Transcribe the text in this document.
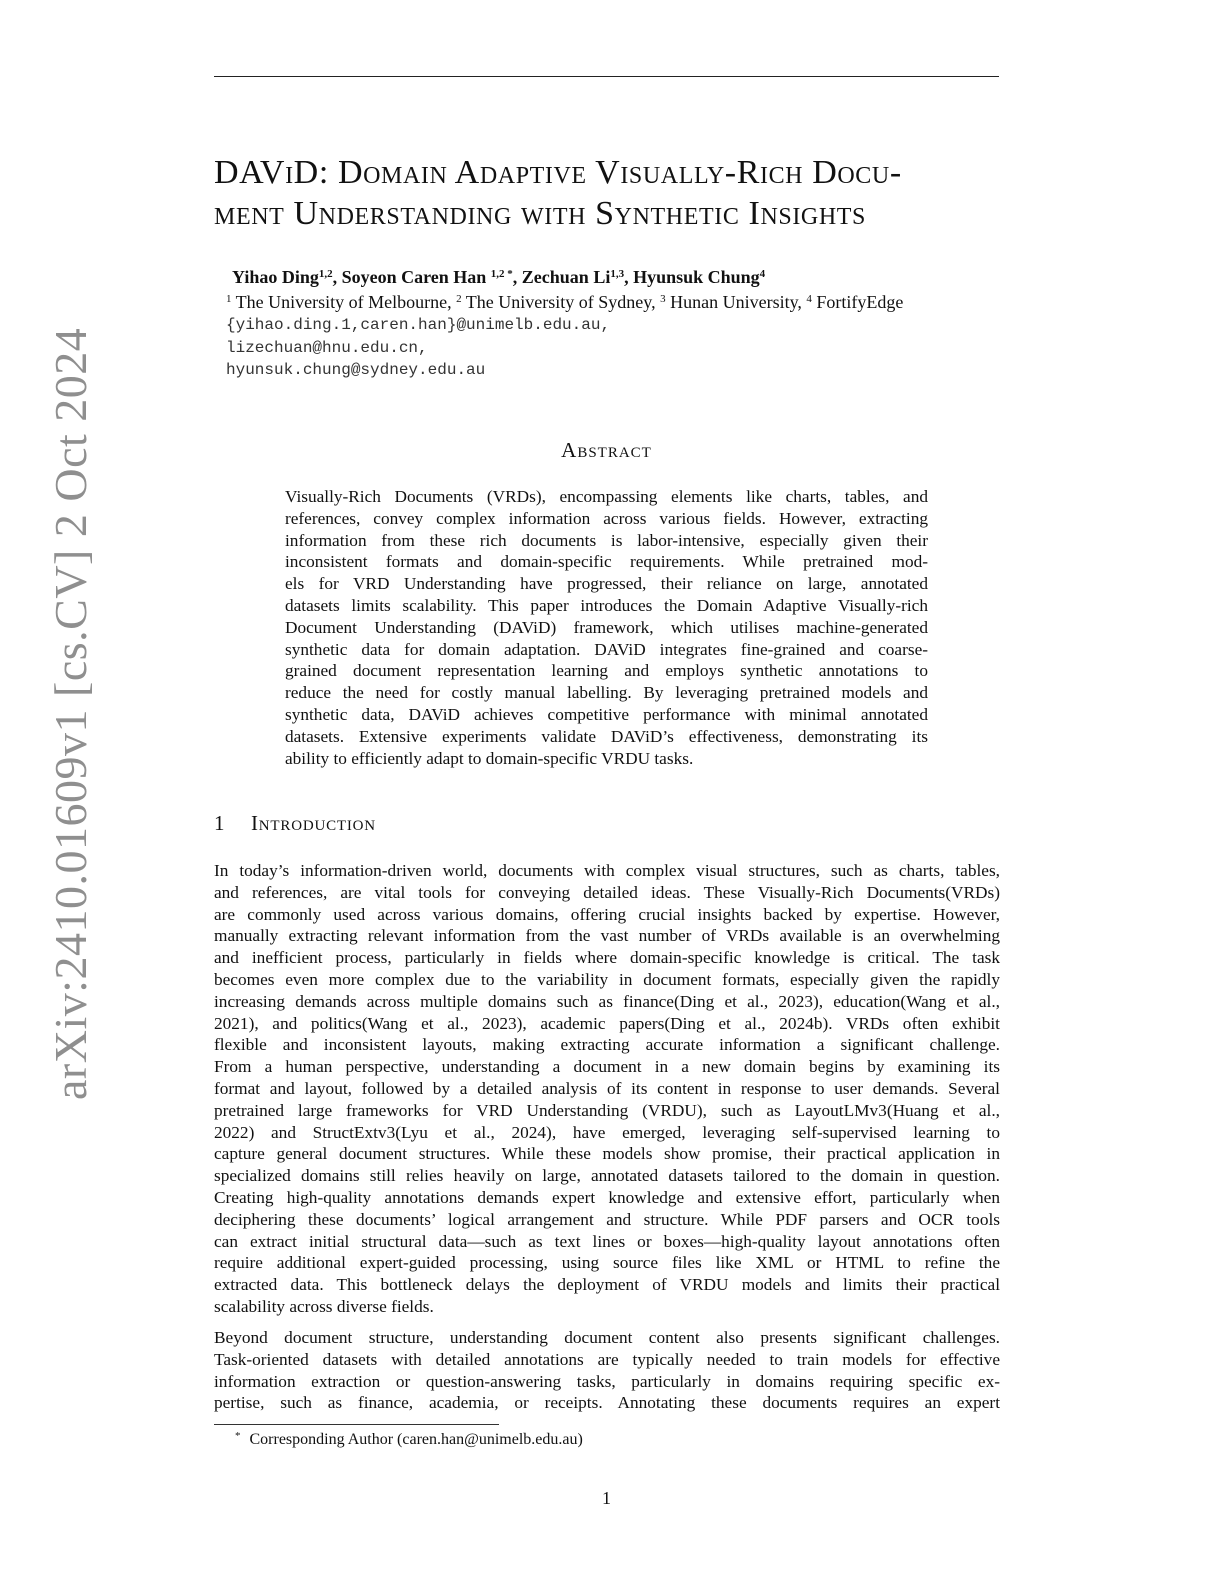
arXiv:2410.01609v1 [cs.CV] 2 Oct 2024
DAViD: Domain Adaptive Visually-Rich Docu-
ment Understanding with Synthetic Insights
Yihao Ding$^{1,2}$, Soyeon Caren Han $^{1,2 *}$, Zechuan Li$^{1,3}$, Hyunsuk Chung$^4$
$^1$ The University of Melbourne, $^2$ The University of Sydney, $^3$ Hunan University, $^4$ FortifyEdge
{yihao.ding.1,caren.han}@unimelb.edu.au,
lizechuan@hnu.edu.cn,
hyunsuk.chung@sydney.edu.au
Abstract
Visually-Rich Documents (VRDs), encompassing elements like charts, tables, and
references, convey complex information across various fields. However, extracting
information from these rich documents is labor-intensive, especially given their
inconsistent formats and domain-specific requirements. While pretrained mod-
els for VRD Understanding have progressed, their reliance on large, annotated
datasets limits scalability. This paper introduces the Domain Adaptive Visually-rich
Document Understanding (DAViD) framework, which utilises machine-generated
synthetic data for domain adaptation. DAViD integrates fine-grained and coarse-
grained document representation learning and employs synthetic annotations to
reduce the need for costly manual labelling. By leveraging pretrained models and
synthetic data, DAViD achieves competitive performance with minimal annotated
datasets. Extensive experiments validate DAViD’s effectiveness, demonstrating its
ability to efficiently adapt to domain-specific VRDU tasks.
1 Introduction
In today’s information-driven world, documents with complex visual structures, such as charts, tables,
and references, are vital tools for conveying detailed ideas. These Visually-Rich Documents(VRDs)
are commonly used across various domains, offering crucial insights backed by expertise. However,
manually extracting relevant information from the vast number of VRDs available is an overwhelming
and inefficient process, particularly in fields where domain-specific knowledge is critical. The task
becomes even more complex due to the variability in document formats, especially given the rapidly
increasing demands across multiple domains such as finance(Ding et al., 2023), education(Wang et al.,
2021), and politics(Wang et al., 2023), academic papers(Ding et al., 2024b). VRDs often exhibit
flexible and inconsistent layouts, making extracting accurate information a significant challenge.
From a human perspective, understanding a document in a new domain begins by examining its
format and layout, followed by a detailed analysis of its content in response to user demands. Several
pretrained large frameworks for VRD Understanding (VRDU), such as LayoutLMv3(Huang et al.,
2022) and StructExtv3(Lyu et al., 2024), have emerged, leveraging self-supervised learning to
capture general document structures. While these models show promise, their practical application in
specialized domains still relies heavily on large, annotated datasets tailored to the domain in question.
Creating high-quality annotations demands expert knowledge and extensive effort, particularly when
deciphering these documents’ logical arrangement and structure. While PDF parsers and OCR tools
can extract initial structural data—such as text lines or boxes—high-quality layout annotations often
require additional expert-guided processing, using source files like XML or HTML to refine the
extracted data. This bottleneck delays the deployment of VRDU models and limits their practical
scalability across diverse fields.
Beyond document structure, understanding document content also presents significant challenges.
Task-oriented datasets with detailed annotations are typically needed to train models for effective
information extraction or question-answering tasks, particularly in domains requiring specific ex-
pertise, such as finance, academia, or receipts. Annotating these documents requires an expert
* Corresponding Author (caren.han@unimelb.edu.au)
1
